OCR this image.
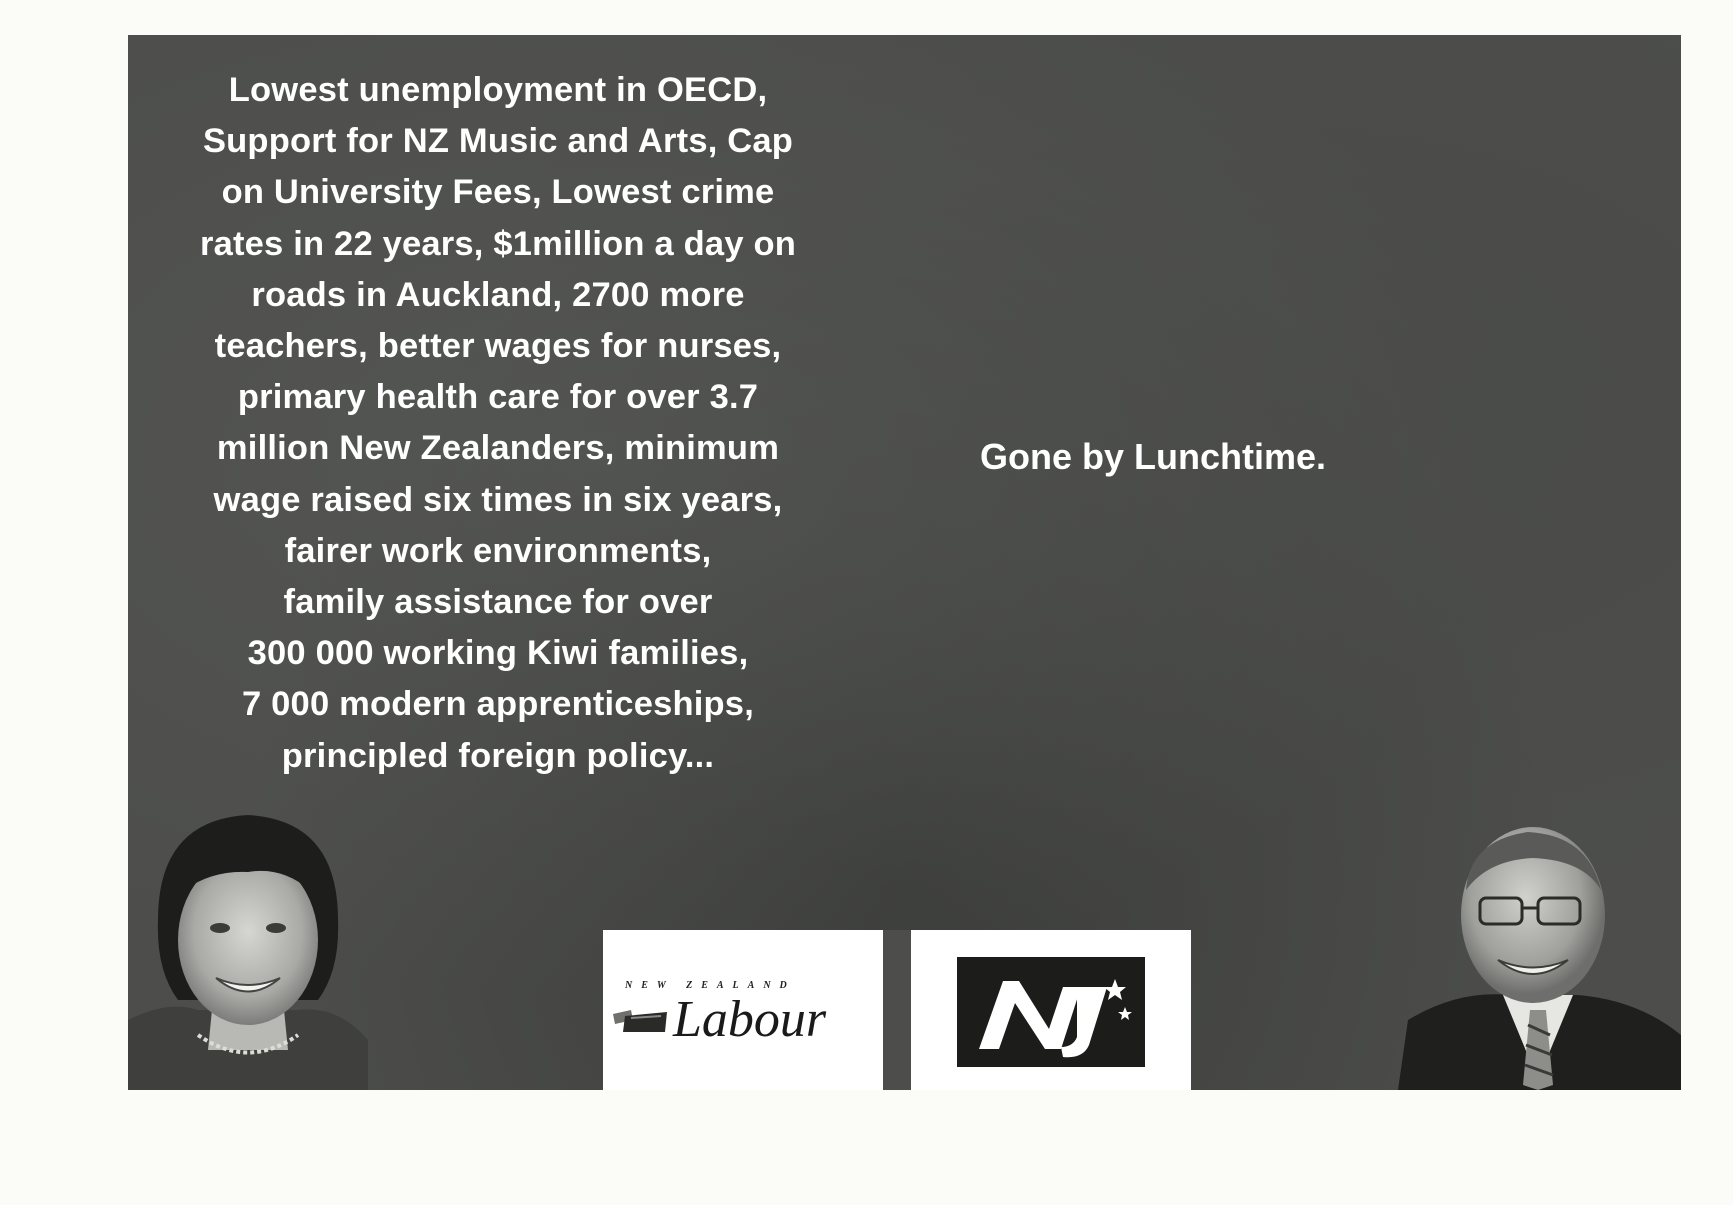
Lowest unemployment in OECD,
Support for NZ Music and Arts, Cap
on University Fees, Lowest crime
rates in 22 years, $1million a day on
roads in Auckland, 2700 more
teachers, better wages for nurses,
primary health care for over 3.7
million New Zealanders, minimum
wage raised six times in six years,
fairer work environments,
family assistance for over
300 000 working Kiwi families,
7 000 modern apprenticeships,
principled foreign policy...
Gone by Lunchtime.
NEW ZEALAND
Labour
